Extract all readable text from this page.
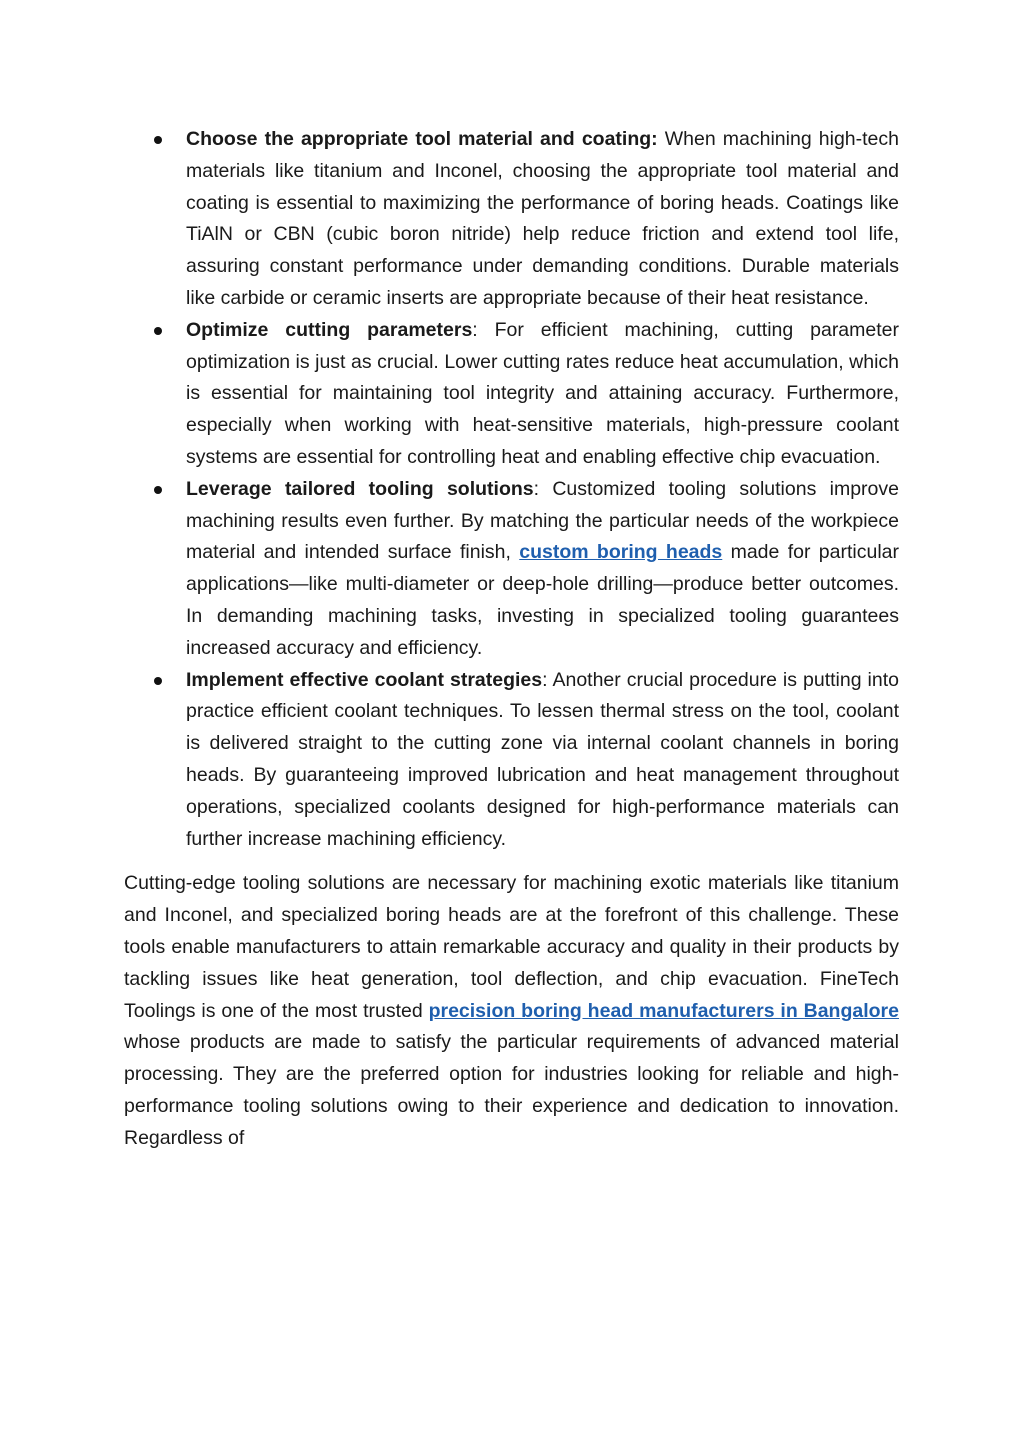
Choose the appropriate tool material and coating: When machining high-tech materials like titanium and Inconel, choosing the appropriate tool material and coating is essential to maximizing the performance of boring heads. Coatings like TiAlN or CBN (cubic boron nitride) help reduce friction and extend tool life, assuring constant performance under demanding conditions. Durable materials like carbide or ceramic inserts are appropriate because of their heat resistance.
Optimize cutting parameters: For efficient machining, cutting parameter optimization is just as crucial. Lower cutting rates reduce heat accumulation, which is essential for maintaining tool integrity and attaining accuracy. Furthermore, especially when working with heat-sensitive materials, high-pressure coolant systems are essential for controlling heat and enabling effective chip evacuation.
Leverage tailored tooling solutions: Customized tooling solutions improve machining results even further. By matching the particular needs of the workpiece material and intended surface finish, custom boring heads made for particular applications—like multi-diameter or deep-hole drilling—produce better outcomes. In demanding machining tasks, investing in specialized tooling guarantees increased accuracy and efficiency.
Implement effective coolant strategies: Another crucial procedure is putting into practice efficient coolant techniques. To lessen thermal stress on the tool, coolant is delivered straight to the cutting zone via internal coolant channels in boring heads. By guaranteeing improved lubrication and heat management throughout operations, specialized coolants designed for high-performance materials can further increase machining efficiency.

Cutting-edge tooling solutions are necessary for machining exotic materials like titanium and Inconel, and specialized boring heads are at the forefront of this challenge. These tools enable manufacturers to attain remarkable accuracy and quality in their products by tackling issues like heat generation, tool deflection, and chip evacuation. FineTech Toolings is one of the most trusted precision boring head manufacturers in Bangalore whose products are made to satisfy the particular requirements of advanced material processing. They are the preferred option for industries looking for reliable and high-performance tooling solutions owing to their experience and dedication to innovation. Regardless of
